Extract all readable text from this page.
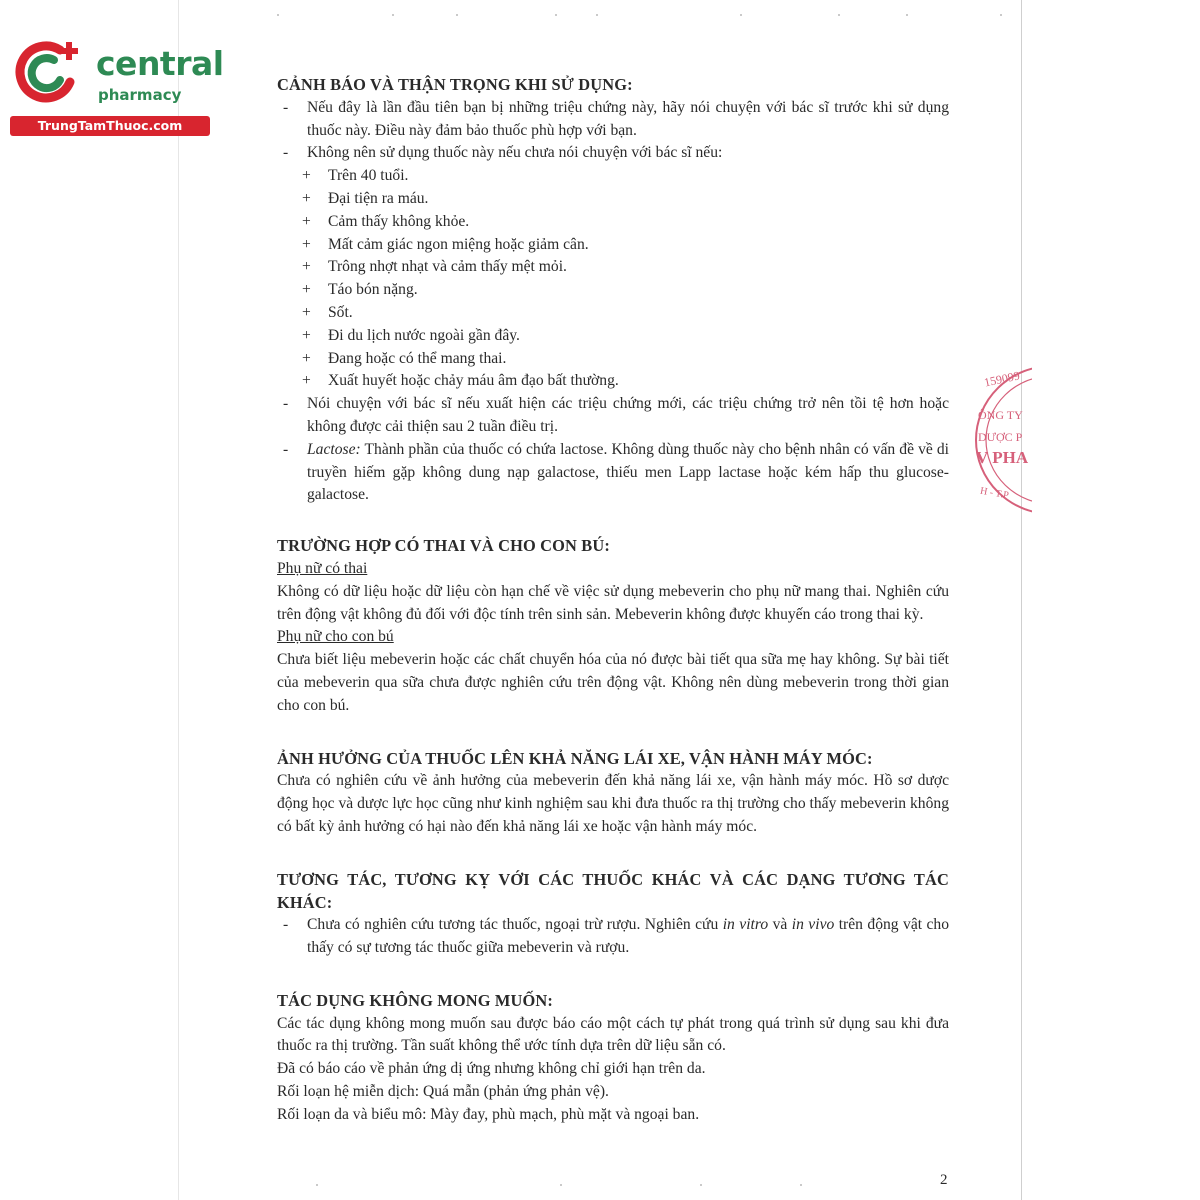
central
pharmacy
TrungTamThuoc.com
159099
ÔNG TY
DƯỢC P
V PHA
H - T.P
CẢNH BÁO VÀ THẬN TRỌNG KHI SỬ DỤNG:
- Nếu đây là lần đầu tiên bạn bị những triệu chứng này, hãy nói chuyện với bác sĩ trước khi sử dụng thuốc này. Điều này đảm bảo thuốc phù hợp với bạn.
- Không nên sử dụng thuốc này nếu chưa nói chuyện với bác sĩ nếu:
+ Trên 40 tuổi.
+ Đại tiện ra máu.
+ Cảm thấy không khỏe.
+ Mất cảm giác ngon miệng hoặc giảm cân.
+ Trông nhợt nhạt và cảm thấy mệt mỏi.
+ Táo bón nặng.
+ Sốt.
+ Đi du lịch nước ngoài gần đây.
+ Đang hoặc có thể mang thai.
+ Xuất huyết hoặc chảy máu âm đạo bất thường.
- Nói chuyện với bác sĩ nếu xuất hiện các triệu chứng mới, các triệu chứng trở nên tồi tệ hơn hoặc không được cải thiện sau 2 tuần điều trị.
- Lactose: Thành phần của thuốc có chứa lactose. Không dùng thuốc này cho bệnh nhân có vấn đề về di truyền hiếm gặp không dung nạp galactose, thiếu men Lapp lactase hoặc kém hấp thu glucose-galactose.
TRƯỜNG HỢP CÓ THAI VÀ CHO CON BÚ:
Phụ nữ có thai

Không có dữ liệu hoặc dữ liệu còn hạn chế về việc sử dụng mebeverin cho phụ nữ mang thai. Nghiên cứu trên động vật không đủ đối với độc tính trên sinh sản. Mebeverin không được khuyến cáo trong thai kỳ.

Phụ nữ cho con bú

Chưa biết liệu mebeverin hoặc các chất chuyển hóa của nó được bài tiết qua sữa mẹ hay không. Sự bài tiết của mebeverin qua sữa chưa được nghiên cứu trên động vật. Không nên dùng mebeverin trong thời gian cho con bú.

ẢNH HƯỞNG CỦA THUỐC LÊN KHẢ NĂNG LÁI XE, VẬN HÀNH MÁY MÓC:

Chưa có nghiên cứu về ảnh hưởng của mebeverin đến khả năng lái xe, vận hành máy móc. Hồ sơ dược động học và dược lực học cũng như kinh nghiệm sau khi đưa thuốc ra thị trường cho thấy mebeverin không có bất kỳ ảnh hưởng có hại nào đến khả năng lái xe hoặc vận hành máy móc.

TƯƠNG TÁC, TƯƠNG KỴ VỚI CÁC THUỐC KHÁC VÀ CÁC DẠNG TƯƠNG TÁC KHÁC:
- Chưa có nghiên cứu tương tác thuốc, ngoại trừ rượu. Nghiên cứu in vitro và in vivo trên động vật cho thấy có sự tương tác thuốc giữa mebeverin và rượu.
TÁC DỤNG KHÔNG MONG MUỐN:

Các tác dụng không mong muốn sau được báo cáo một cách tự phát trong quá trình sử dụng sau khi đưa thuốc ra thị trường. Tần suất không thể ước tính dựa trên dữ liệu sẵn có.

Đã có báo cáo về phản ứng dị ứng nhưng không chỉ giới hạn trên da.

Rối loạn hệ miễn dịch: Quá mẫn (phản ứng phản vệ).

Rối loạn da và biểu mô: Mày đay, phù mạch, phù mặt và ngoại ban.

2
